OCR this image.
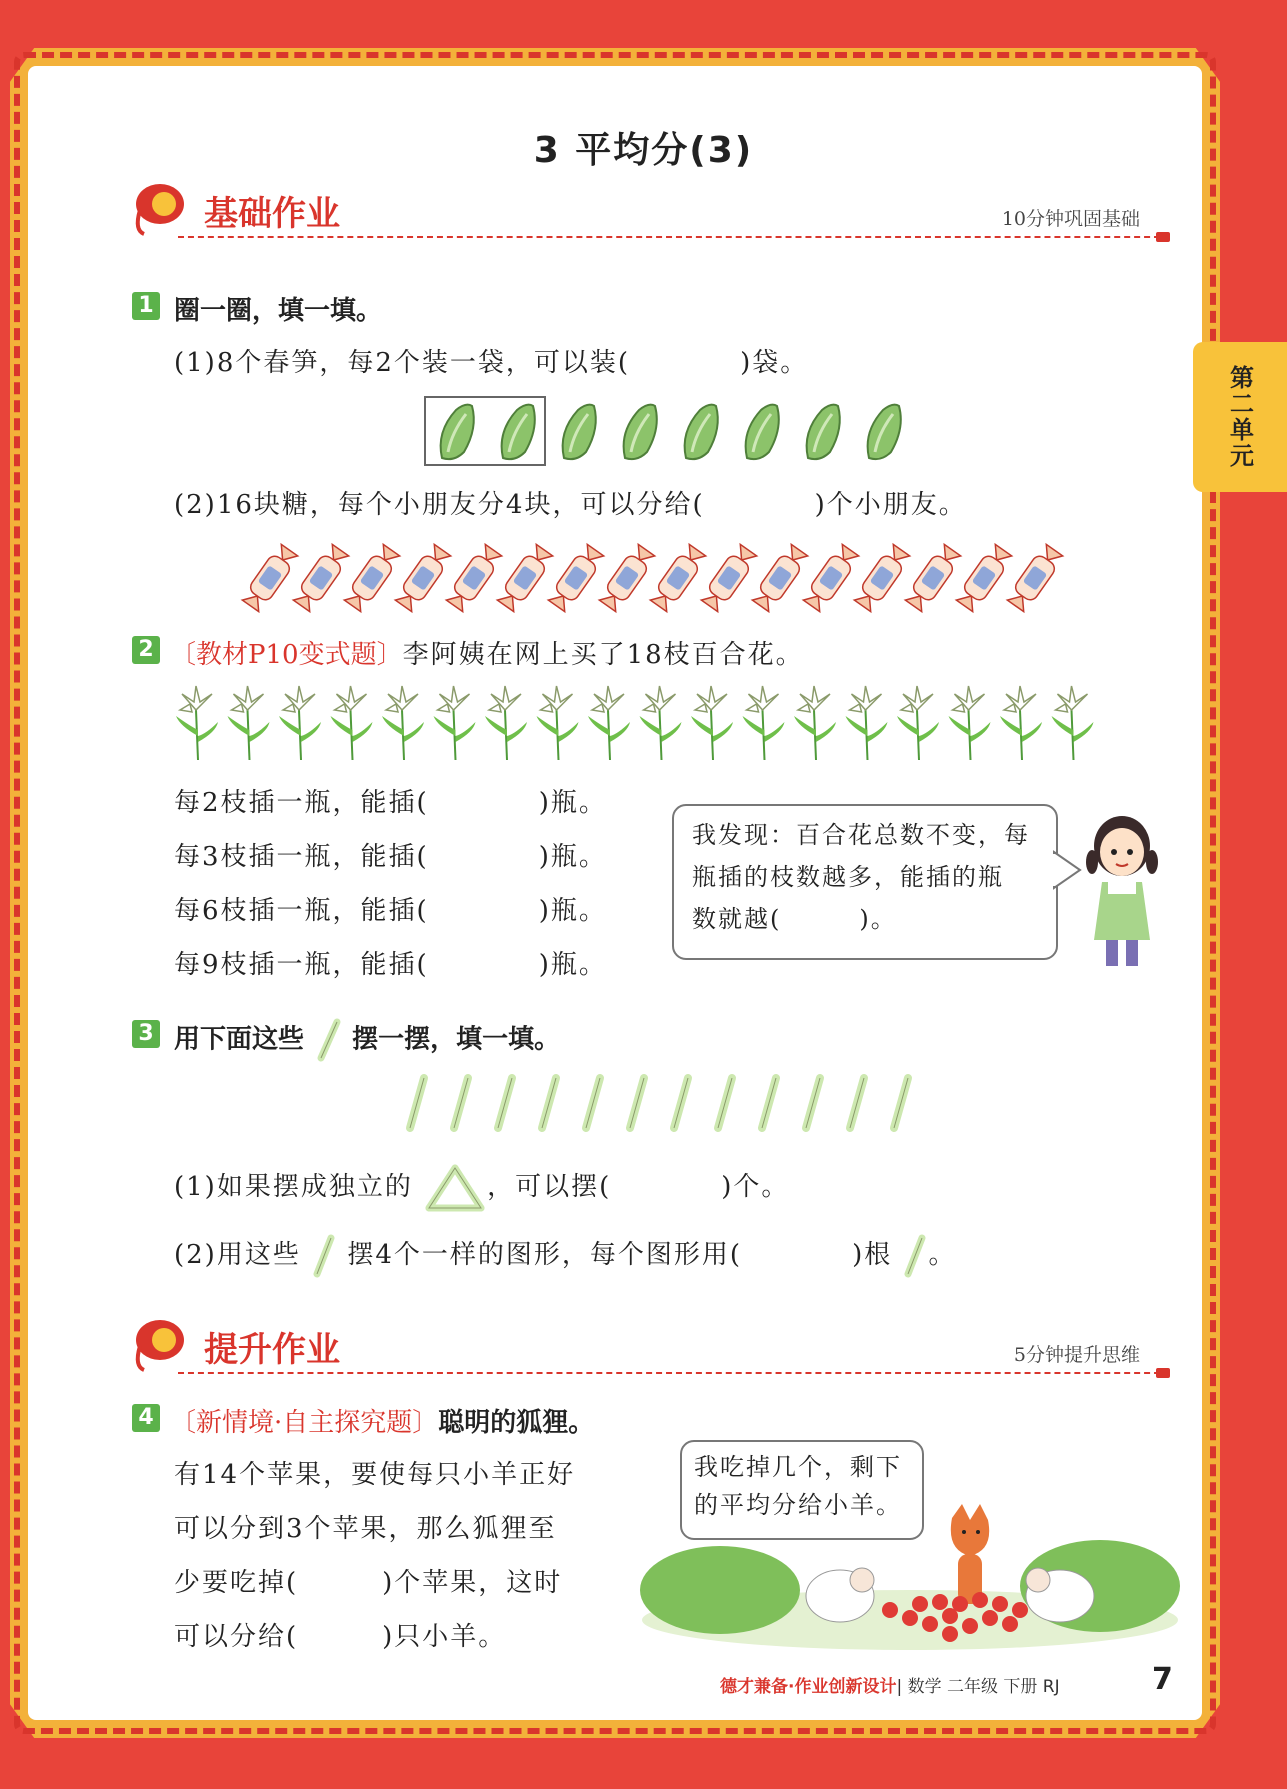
第二单元
3 平均分(3)
基础作业	10分钟巩固基础
1 圈一圈，填一填。
(1)8个春笋，每2个装一袋，可以装(	)袋。
(2)16块糖，每个小朋友分4块，可以分给(	)个小朋友。
2 〔教材P10变式题〕李阿姨在网上买了18枝百合花。
每2枝插一瓶，能插(	)瓶。
每3枝插一瓶，能插(	)瓶。
每6枝插一瓶，能插(	)瓶。
每9枝插一瓶，能插(	)瓶。
我发现：百合花总数不变，每
瓶插的枝数越多，能插的瓶
数就越(　　　)。
3 用下面这些 摆一摆，填一填。
(1)如果摆成独立的	，可以摆(	)个。
(2)用这些 摆4个一样的图形，每个图形用(	)根 。
提升作业	5分钟提升思维
4 〔新情境·自主探究题〕聪明的狐狸。
有14个苹果，要使每只小羊正好
可以分到3个苹果，那么狐狸至
少要吃掉(　　　)个苹果，这时
可以分给(　　　)只小羊。
我吃掉几个，剩下
的平均分给小羊。
德才兼备·作业创新设计| 数学 二年级 下册 RJ	7
